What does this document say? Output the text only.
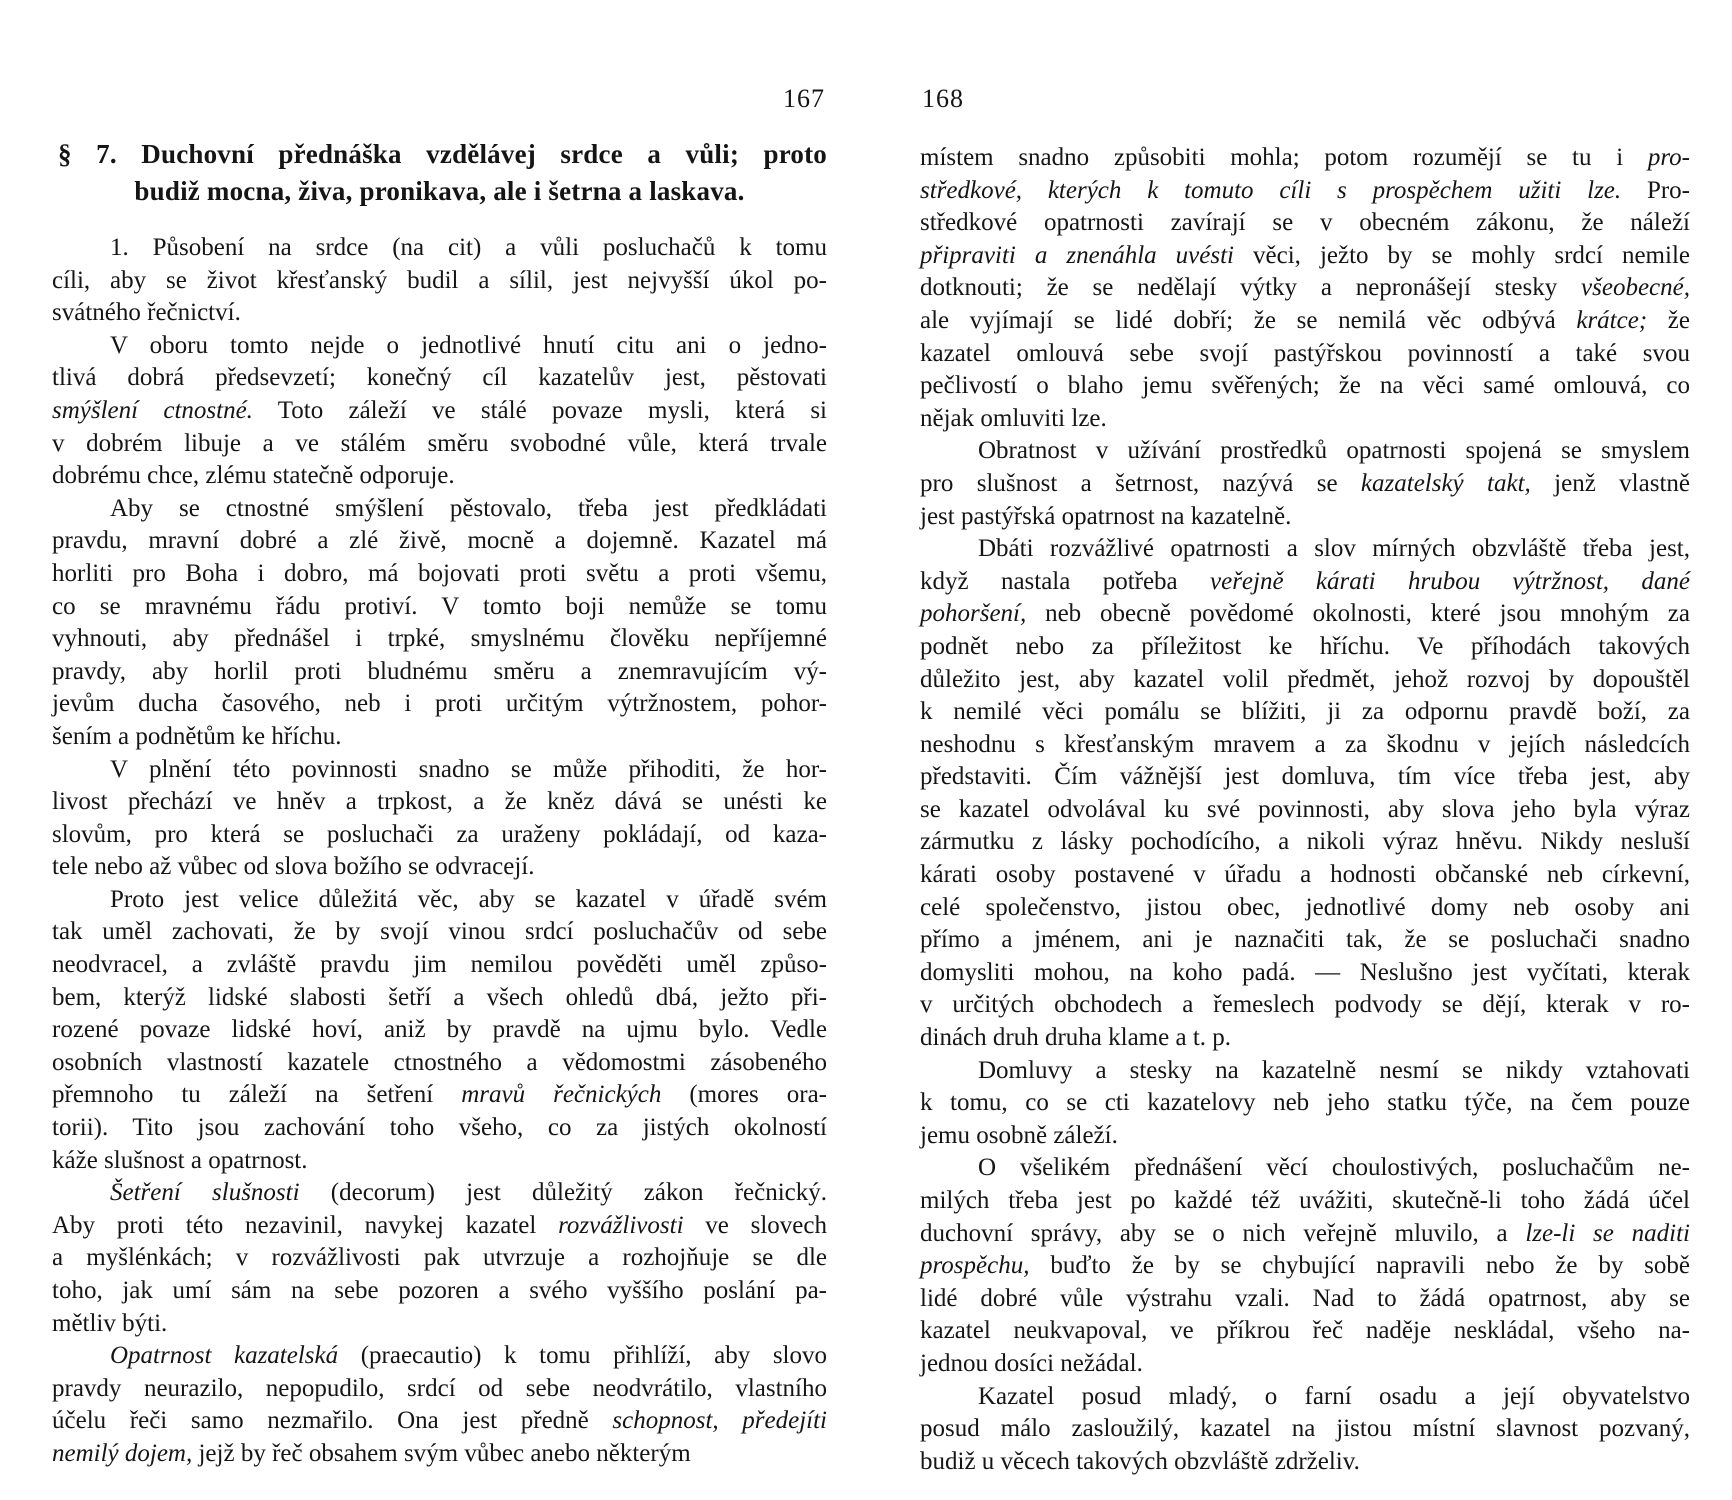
167
§ 7. Duchovní přednáška vzdělávej srdce a vůli; proto
budiž mocna, živa, pronikava, ale i šetrna a laskava.
1. Působení na srdce (na cit) a vůli posluchačů k tomu
cíli, aby se život křesťanský budil a sílil, jest nejvyšší úkol po-
svátného řečnictví.
V oboru tomto nejde o jednotlivé hnutí citu ani o jedno-
tlivá dobrá předsevzetí; konečný cíl kazatelův jest, pěstovati
smýšlení ctnostné. Toto záleží ve stálé povaze mysli, která si
v dobrém libuje a ve stálém směru svobodné vůle, která trvale
dobrému chce, zlému statečně odporuje.
Aby se ctnostné smýšlení pěstovalo, třeba jest předkládati
pravdu, mravní dobré a zlé živě, mocně a dojemně. Kazatel má
horliti pro Boha i dobro, má bojovati proti světu a proti všemu,
co se mravnému řádu protiví. V tomto boji nemůže se tomu
vyhnouti, aby přednášel i trpké, smyslnému člověku nepříjemné
pravdy, aby horlil proti bludnému směru a znemravujícím vý-
jevům ducha časového, neb i proti určitým výtržnostem, pohor-
šením a podnětům ke hříchu.
V plnění této povinnosti snadno se může přihoditi, že hor-
livost přechází ve hněv a trpkost, a že kněz dává se unésti ke
slovům, pro která se posluchači za uraženy pokládají, od kaza-
tele nebo až vůbec od slova božího se odvracejí.
Proto jest velice důležitá věc, aby se kazatel v úřadě svém
tak uměl zachovati, že by svojí vinou srdcí posluchačův od sebe
neodvracel, a zvláště pravdu jim nemilou pověděti uměl způso-
bem, kterýž lidské slabosti šetří a všech ohledů dbá, ježto při-
rozené povaze lidské hoví, aniž by pravdě na ujmu bylo. Vedle
osobních vlastností kazatele ctnostného a vědomostmi zásobeného
přemnoho tu záleží na šetření mravů řečnických (mores ora-
torii). Tito jsou zachování toho všeho, co za jistých okolností
káže slušnost a opatrnost.
Šetření slušnosti (decorum) jest důležitý zákon řečnický.
Aby proti této nezavinil, navykej kazatel rozvážlivosti ve slovech
a myšlénkách; v rozvážlivosti pak utvrzuje a rozhojňuje se dle
toho, jak umí sám na sebe pozoren a svého vyššího poslání pa-
mětliv býti.
Opatrnost kazatelská (praecautio) k tomu přihlíží, aby slovo
pravdy neurazilo, nepopudilo, srdcí od sebe neodvrátilo, vlastního
účelu řeči samo nezmařilo. Ona jest předně schopnost, předejíti
nemilý dojem, jejž by řeč obsahem svým vůbec anebo některým
168
místem snadno způsobiti mohla; potom rozumějí se tu i pro-
středkové, kterých k tomuto cíli s prospěchem užiti lze. Pro-
středkové opatrnosti zavírají se v obecném zákonu, že náleží
připraviti a znenáhla uvésti věci, ježto by se mohly srdcí nemile
dotknouti; že se nedělají výtky a nepronášejí stesky všeobecné,
ale vyjímají se lidé dobří; že se nemilá věc odbývá krátce; že
kazatel omlouvá sebe svojí pastýřskou povinností a také svou
pečlivostí o blaho jemu svěřených; že na věci samé omlouvá, co
nějak omluviti lze.
Obratnost v užívání prostředků opatrnosti spojená se smyslem
pro slušnost a šetrnost, nazývá se kazatelský takt, jenž vlastně
jest pastýřská opatrnost na kazatelně.
Dbáti rozvážlivé opatrnosti a slov mírných obzvláště třeba jest,
když nastala potřeba veřejně kárati hrubou výtržnost, dané
pohoršení, neb obecně povědomé okolnosti, které jsou mnohým za
podnět nebo za příležitost ke hříchu. Ve příhodách takových
důležito jest, aby kazatel volil předmět, jehož rozvoj by dopouštěl
k nemilé věci pomálu se blížiti, ji za odpornu pravdě boží, za
neshodnu s křesťanským mravem a za škodnu v jejích následcích
představiti. Čím vážnější jest domluva, tím více třeba jest, aby
se kazatel odvolával ku své povinnosti, aby slova jeho byla výraz
zármutku z lásky pochodícího, a nikoli výraz hněvu. Nikdy nesluší
kárati osoby postavené v úřadu a hodnosti občanské neb církevní,
celé společenstvo, jistou obec, jednotlivé domy neb osoby ani
přímo a jménem, ani je naznačiti tak, že se posluchači snadno
domysliti mohou, na koho padá. — Neslušno jest vyčítati, kterak
v určitých obchodech a řemeslech podvody se dějí, kterak v ro-
dinách druh druha klame a t. p.
Domluvy a stesky na kazatelně nesmí se nikdy vztahovati
k tomu, co se cti kazatelovy neb jeho statku týče, na čem pouze
jemu osobně záleží.
O všelikém přednášení věcí choulostivých, posluchačům ne-
milých třeba jest po každé též uvážiti, skutečně-li toho žádá účel
duchovní správy, aby se o nich veřejně mluvilo, a lze-li se naditi
prospěchu, buďto že by se chybující napravili nebo že by sobě
lidé dobré vůle výstrahu vzali. Nad to žádá opatrnost, aby se
kazatel neukvapoval, ve příkrou řeč naděje neskládal, všeho na-
jednou dosíci nežádal.
Kazatel posud mladý, o farní osadu a její obyvatelstvo
posud málo zasloužilý, kazatel na jistou místní slavnost pozvaný,
budiž u věcech takových obzvláště zdrželiv.
